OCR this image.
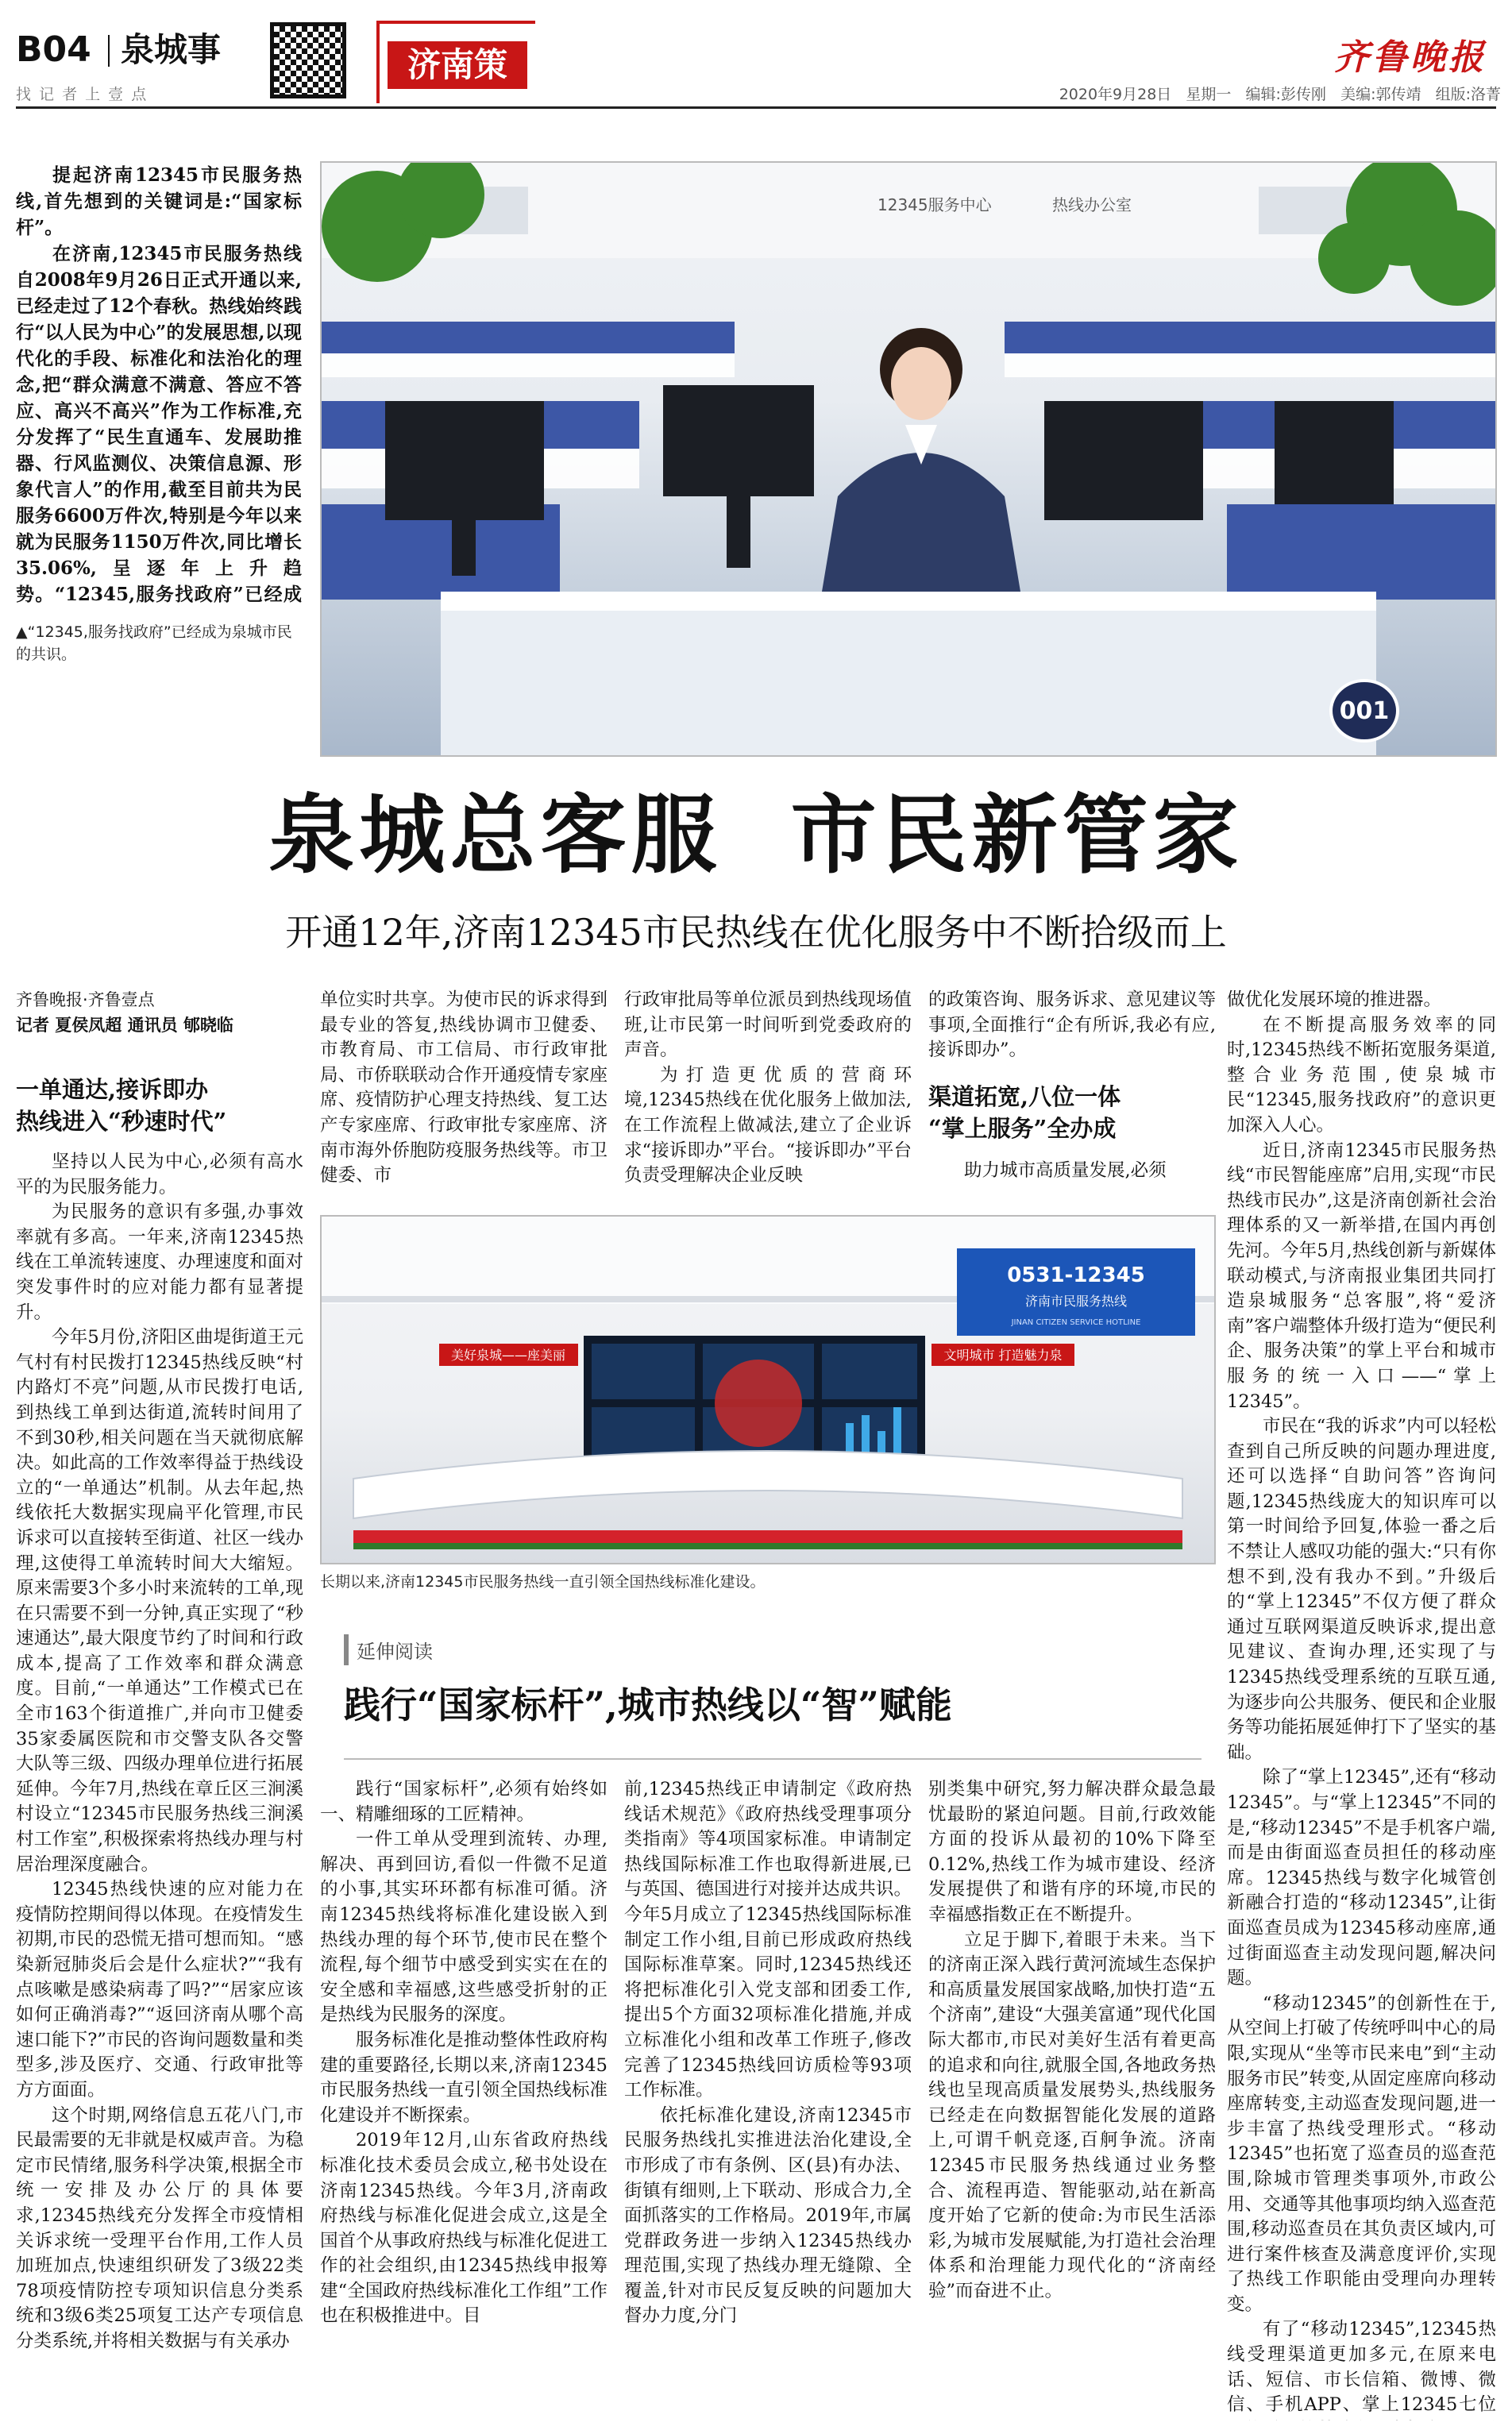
B04 泉城事
找 记 者 上 壹 点
济南策	齐鲁晚报
2020年9月28日   星期一   编辑:彭传刚   美编:郭传靖   组版:洛菁

提起济南12345市民服务热线,首先想到的关键词是:“国家标杆”。

在济南,12345市民服务热线自2008年9月26日正式开通以来,已经走过了12个春秋。热线始终践行“以人民为中心”的发展思想,以现代化的手段、标准化和法治化的理念,把“群众满意不满意、答应不答应、高兴不高兴”作为工作标准,充分发挥了“民生直通车、发展助推器、行风监测仪、决策信息源、形象代言人”的作用,截至目前共为民服务6600万件次,特别是今年以来就为民服务1150万件次,同比增长35.06%,呈逐年上升趋势。“12345,服务找政府”已经成

▲“12345,服务找政府”已经成为泉城市民的共识。
001
12345服务中心	热线办公室
泉城总客服  市民新管家
开通12年,济南12345市民热线在优化服务中不断拾级而上
齐鲁晚报·齐鲁壹点
记者 夏侯凤超 通讯员 郇晓临
一单通达,接诉即办
热线进入“秒速时代”

坚持以人民为中心,必须有高水平的为民服务能力。

为民服务的意识有多强,办事效率就有多高。一年来,济南12345热线在工单流转速度、办理速度和面对突发事件时的应对能力都有显著提升。

今年5月份,济阳区曲堤街道王元气村有村民拨打12345热线反映“村内路灯不亮”问题,从市民拨打电话,到热线工单到达街道,流转时间用了不到30秒,相关问题在当天就彻底解决。如此高的工作效率得益于热线设立的“一单通达”机制。从去年起,热线依托大数据实现扁平化管理,市民诉求可以直接转至街道、社区一线办理,这使得工单流转时间大大缩短。原来需要3个多小时来流转的工单,现在只需要不到一分钟,真正实现了“秒速通达”,最大限度节约了时间和行政成本,提高了工作效率和群众满意度。目前,“一单通达”工作模式已在全市163个街道推广,并向市卫健委35家委属医院和市交警支队各交警大队等三级、四级办理单位进行拓展延伸。今年7月,热线在章丘区三涧溪村设立“12345市民服务热线三涧溪村工作室”,积极探索将热线办理与村居治理深度融合。

12345热线快速的应对能力在疫情防控期间得以体现。在疫情发生初期,市民的恐慌无措可想而知。“感染新冠肺炎后会是什么症状?”“我有点咳嗽是感染病毒了吗?”“居家应该如何正确消毒?”“返回济南从哪个高速口能下?”市民的咨询问题数量和类型多,涉及医疗、交通、行政审批等方方面面。

这个时期,网络信息五花八门,市民最需要的无非就是权威声音。为稳定市民情绪,服务科学决策,根据全市统一安排及办公厅的具体要求,12345热线充分发挥全市疫情相关诉求统一受理平台作用,工作人员加班加点,快速组织研发了3级22类78项疫情防控专项知识信息分类系统和3级6类25项复工达产专项信息分类系统,并将相关数据与有关承办

单位实时共享。为使市民的诉求得到最专业的答复,热线协调市卫健委、市教育局、市工信局、市行政审批局、市侨联联动合作开通疫情专家座席、疫情防护心理支持热线、复工达产专家座席、行政审批专家座席、济南市海外侨胞防疫服务热线等。市卫健委、市

行政审批局等单位派员到热线现场值班,让市民第一时间听到党委政府的声音。

为打造更优质的营商环境,12345热线在优化服务上做加法,在工作流程上做减法,建立了企业诉求“接诉即办”平台。“接诉即办”平台负责受理解决企业反映

的政策咨询、服务诉求、意见建议等事项,全面推行“企有所诉,我必有应,接诉即办”。

渠道拓宽,八位一体
“掌上服务”全办成

助力城市高质量发展,必须

美好泉城——座美丽	文明城市 打造魅力泉
0531-12345
济南市民服务热线
JINAN CITIZEN SERVICE HOTLINE
长期以来,济南12345市民服务热线一直引领全国热线标准化建设。
延伸阅读
践行“国家标杆”,城市热线以“智”赋能

践行“国家标杆”,必须有始终如一、精雕细琢的工匠精神。

一件工单从受理到流转、办理,解决、再到回访,看似一件微不足道的小事,其实环环都有标准可循。济南12345热线将标准化建设嵌入到热线办理的每个环节,使市民在整个流程,每个细节中感受到实实在在的安全感和幸福感,这些感受折射的正是热线为民服务的深度。

服务标准化是推动整体性政府构建的重要路径,长期以来,济南12345市民服务热线一直引领全国热线标准化建设并不断探索。

2019年12月,山东省政府热线标准化技术委员会成立,秘书处设在济南12345热线。今年3月,济南政府热线与标准化促进会成立,这是全国首个从事政府热线与标准化促进工作的社会组织,由12345热线申报筹建“全国政府热线标准化工作组”工作也在积极推进中。目

前,12345热线正申请制定《政府热线话术规范》《政府热线受理事项分类指南》等4项国家标准。申请制定热线国际标准工作也取得新进展,已与英国、德国进行对接并达成共识。今年5月成立了12345热线国际标准制定工作小组,目前已形成政府热线国际标准草案。同时,12345热线还将把标准化引入党支部和团委工作,提出5个方面32项标准化措施,并成立标准化小组和改革工作班子,修改完善了12345热线回访质检等93项工作标准。

依托标准化建设,济南12345市民服务热线扎实推进法治化建设,全市形成了市有条例、区(县)有办法、街镇有细则,上下联动、形成合力,全面抓落实的工作格局。2019年,市属党群政务进一步纳入12345热线办理范围,实现了热线办理无缝隙、全覆盖,针对市民反复反映的问题加大督办力度,分门

别类集中研究,努力解决群众最急最忧最盼的紧迫问题。目前,行政效能方面的投诉从最初的10%下降至0.12%,热线工作为城市建设、经济发展提供了和谐有序的环境,市民的幸福感指数正在不断提升。

立足于脚下,着眼于未来。当下的济南正深入践行黄河流域生态保护和高质量发展国家战略,加快打造“五个济南”,建设“大强美富通”现代化国际大都市,市民对美好生活有着更高的追求和向往,就服全国,各地政务热线也呈现高质量发展势头,热线服务已经走在向数据智能化发展的道路上,可谓千帆竞逐,百舸争流。济南12345市民服务热线通过业务整合、流程再造、智能驱动,站在新高度开始了它新的使命:为市民生活添彩,为城市发展赋能,为打造社会治理体系和治理能力现代化的“济南经验”而奋进不止。

做优化发展环境的推进器。

在不断提高服务效率的同时,12345热线不断拓宽服务渠道,整合业务范围,使泉城市民“12345,服务找政府”的意识更加深入人心。

近日,济南12345市民服务热线“市民智能座席”启用,实现“市民热线市民办”,这是济南创新社会治理体系的又一新举措,在国内再创先河。今年5月,热线创新与新媒体联动模式,与济南报业集团共同打造泉城服务“总客服”,将“爱济南”客户端整体升级打造为“便民利企、服务决策”的掌上平台和城市服务的统一入口——“掌上12345”。

市民在“我的诉求”内可以轻松查到自己所反映的问题办理进度,还可以选择“自助问答”咨询问题,12345热线庞大的知识库可以第一时间给予回复,体验一番之后不禁让人感叹功能的强大:“只有你想不到,没有我办不到。”升级后的“掌上12345”不仅方便了群众通过互联网渠道反映诉求,提出意见建议、查询办理,还实现了与12345热线受理系统的互联互通,为逐步向公共服务、便民和企业服务等功能拓展延伸打下了坚实的基础。

除了“掌上12345”,还有“移动12345”。与“掌上12345”不同的是,“移动12345”不是手机客户端,而是由街面巡查员担任的移动座席。12345热线与数字化城管创新融合打造的“移动12345”,让街面巡查员成为12345移动座席,通过街面巡查主动发现问题,解决问题。

“移动12345”的创新性在于,从空间上打破了传统呼叫中心的局限,实现从“坐等市民来电”到“主动服务市民”转变,从固定座席向移动座席转变,主动巡查发现问题,进一步丰富了热线受理形式。“移动12345”也拓宽了巡查员的巡查范围,除城市管理类事项外,市政公用、交通等其他事项均纳入巡查范围,移动巡查员在其负责区域内,可进行案件核查及满意度评价,实现了热线工作职能由受理向办理转变。

有了“移动12345”,12345热线受理渠道更加多元,在原来电话、短信、市长信箱、微博、微信、手机APP、掌上12345七位
